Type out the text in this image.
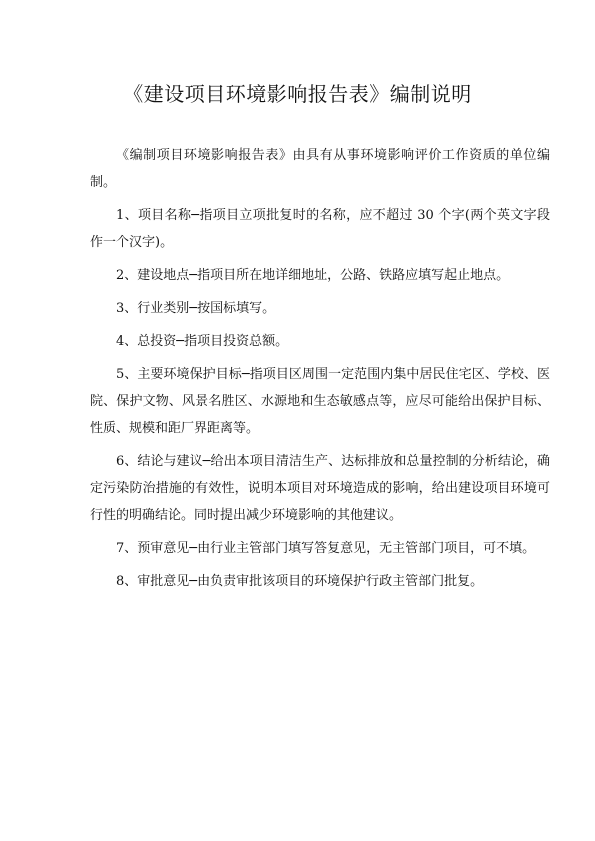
《建设项目环境影响报告表》编制说明

《编制项目环境影响报告表》由具有从事环境影响评价工作资质的单位编制。

1、项目名称─指项目立项批复时的名称，应不超过 30 个字(两个英文字段作一个汉字)。

2、建设地点─指项目所在地详细地址，公路、铁路应填写起止地点。

3、行业类别─按国标填写。

4、总投资─指项目投资总额。

5、主要环境保护目标─指项目区周围一定范围内集中居民住宅区、学校、医院、保护文物、风景名胜区、水源地和生态敏感点等，应尽可能给出保护目标、性质、规模和距厂界距离等。

6、结论与建议─给出本项目清洁生产、达标排放和总量控制的分析结论，确定污染防治措施的有效性，说明本项目对环境造成的影响，给出建设项目环境可行性的明确结论。同时提出减少环境影响的其他建议。

7、预审意见─由行业主管部门填写答复意见，无主管部门项目，可不填。

8、审批意见─由负责审批该项目的环境保护行政主管部门批复。
